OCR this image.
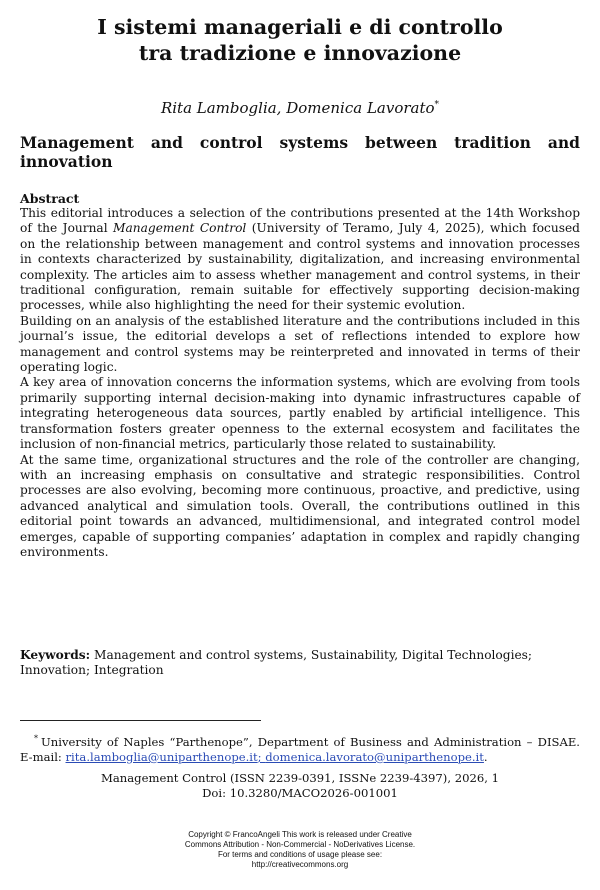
I sistemi manageriali e di controllo
tra tradizione e innovazione
Rita Lamboglia, Domenica Lavorato*
Management and control systems between tradition and innovation
Abstract

This editorial introduces a selection of the contributions presented at the 14th Workshop of the Journal Management Control (University of Teramo, July 4, 2025), which focused on the relationship between management and control systems and innovation processes in contexts characterized by sustainability, digitalization, and increasing environmental complexity. The articles aim to assess whether management and control systems, in their traditional configuration, remain suitable for effectively supporting decision-making processes, while also highlighting the need for their systemic evolution.

Building on an analysis of the established literature and the contributions included in this journal’s issue, the editorial develops a set of reflections intended to explore how management and control systems may be reinterpreted and innovated in terms of their operating logic.

A key area of innovation concerns the information systems, which are evolving from tools primarily supporting internal decision-making into dynamic infrastructures capable of integrating heterogeneous data sources, partly enabled by artificial intelligence. This transformation fosters greater openness to the external ecosystem and facilitates the inclusion of non-financial metrics, particularly those related to sustainability.

At the same time, organizational structures and the role of the controller are changing, with an increasing emphasis on consultative and strategic responsibilities. Control processes are also evolving, becoming more continuous, proactive, and predictive, using advanced analytical and simulation tools. Overall, the contributions outlined in this editorial point towards an advanced, multidimensional, and integrated control model emerges, capable of supporting companies’ adaptation in complex and rapidly changing environments.

Keywords: Management and control systems, Sustainability, Digital Technologies; Innovation; Integration
* University of Naples “Parthenope”, Department of Business and Administration – DISAE. E-mail: rita.lamboglia@uniparthenope.it; domenica.lavorato@uniparthenope.it.
Management Control (ISSN 2239-0391, ISSNe 2239-4397), 2026, 1
Doi: 10.3280/MACO2026-001001
Copyright © FrancoAngeli This work is released under Creative
Commons Attribution - Non-Commercial - NoDerivatives License.
For terms and conditions of usage please see:
http://creativecommons.org
